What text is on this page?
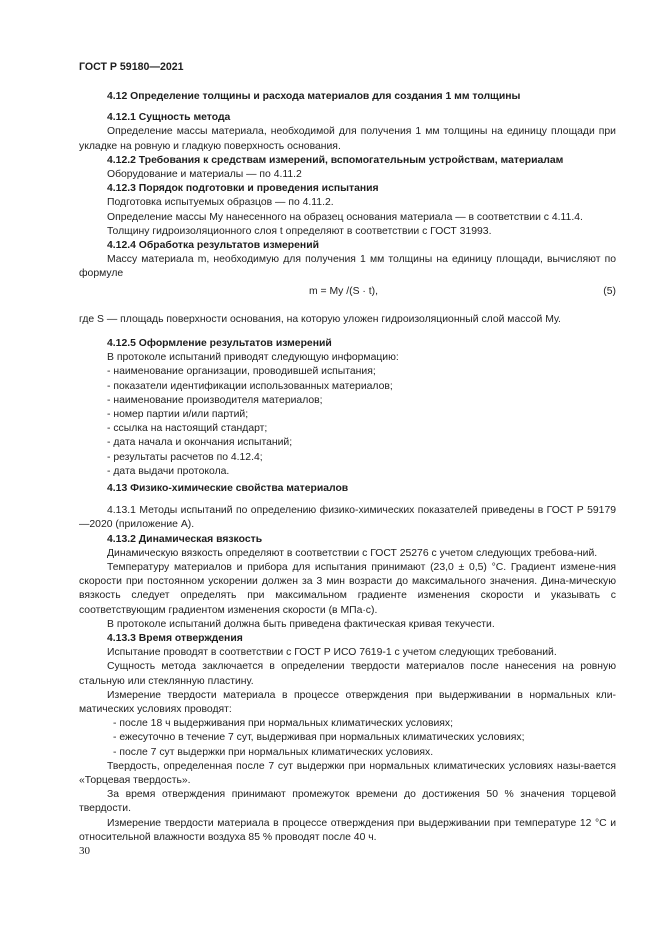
ГОСТ Р 59180—2021

4.12 Определение толщины и расхода материалов для создания 1 мм толщины

4.12.1 Сущность метода

Определение массы материала, необходимой для получения 1 мм толщины на единицу площади при укладке на ровную и гладкую поверхность основания.

4.12.2 Требования к средствам измерений, вспомогательным устройствам, материалам

Оборудование и материалы — по 4.11.2

4.12.3 Порядок подготовки и проведения испытания

Подготовка испытуемых образцов — по 4.11.2.

Определение массы Mу нанесенного на образец основания материала — в соответствии с 4.11.4.

Толщину гидроизоляционного слоя t определяют в соответствии с ГОСТ 31993.

4.12.4 Обработка результатов измерений

Массу материала m, необходимую для получения 1 мм толщины на единицу площади, вычисляют по формуле

m = Mу /(S · t),	(5)

где S — площадь поверхности основания, на которую уложен гидроизоляционный слой массой Mу.

4.12.5 Оформление результатов измерений

В протоколе испытаний приводят следующую информацию:

- наименование организации, проводившей испытания;
- показатели идентификации использованных материалов;
- наименование производителя материалов;
- номер партии и/или партий;
- ссылка на настоящий стандарт;
- дата начала и окончания испытаний;
- результаты расчетов по 4.12.4;
- дата выдачи протокола.

4.13 Физико-химические свойства материалов

4.13.1 Методы испытаний по определению физико-химических показателей приведены в ГОСТ Р 59179—2020 (приложение А).

4.13.2 Динамическая вязкость

Динамическую вязкость определяют в соответствии с ГОСТ 25276 с учетом следующих требова-ний.

Температуру материалов и прибора для испытания принимают (23,0 ± 0,5) °С. Градиент измене-ния скорости при постоянном ускорении должен за 3 мин возрасти до максимального значения. Дина-мическую вязкость следует определять при максимальном градиенте изменения скорости и указывать с соответствующим градиентом изменения скорости (в МПа·с).

В протоколе испытаний должна быть приведена фактическая кривая текучести.

4.13.3 Время отверждения

Испытание проводят в соответствии с ГОСТ Р ИСО 7619-1 с учетом следующих требований.

Сущность метода заключается в определении твердости материалов после нанесения на ровную стальную или стеклянную пластину.

Измерение твердости материала в процессе отверждения при выдерживании в нормальных кли-матических условиях проводят:

- после 18 ч выдерживания при нормальных климатических условиях;
- ежесуточно в течение 7 сут, выдерживая при нормальных климатических условиях;
- после 7 сут выдержки при нормальных климатических условиях.

Твердость, определенная после 7 сут выдержки при нормальных климатических условиях назы-вается «Торцевая твердость».

За время отверждения принимают промежуток времени до достижения 50 % значения торцевой твердости.

Измерение твердости материала в процессе отверждения при выдерживании при температуре 12 °С и относительной влажности воздуха 85 % проводят после 40 ч.

30
